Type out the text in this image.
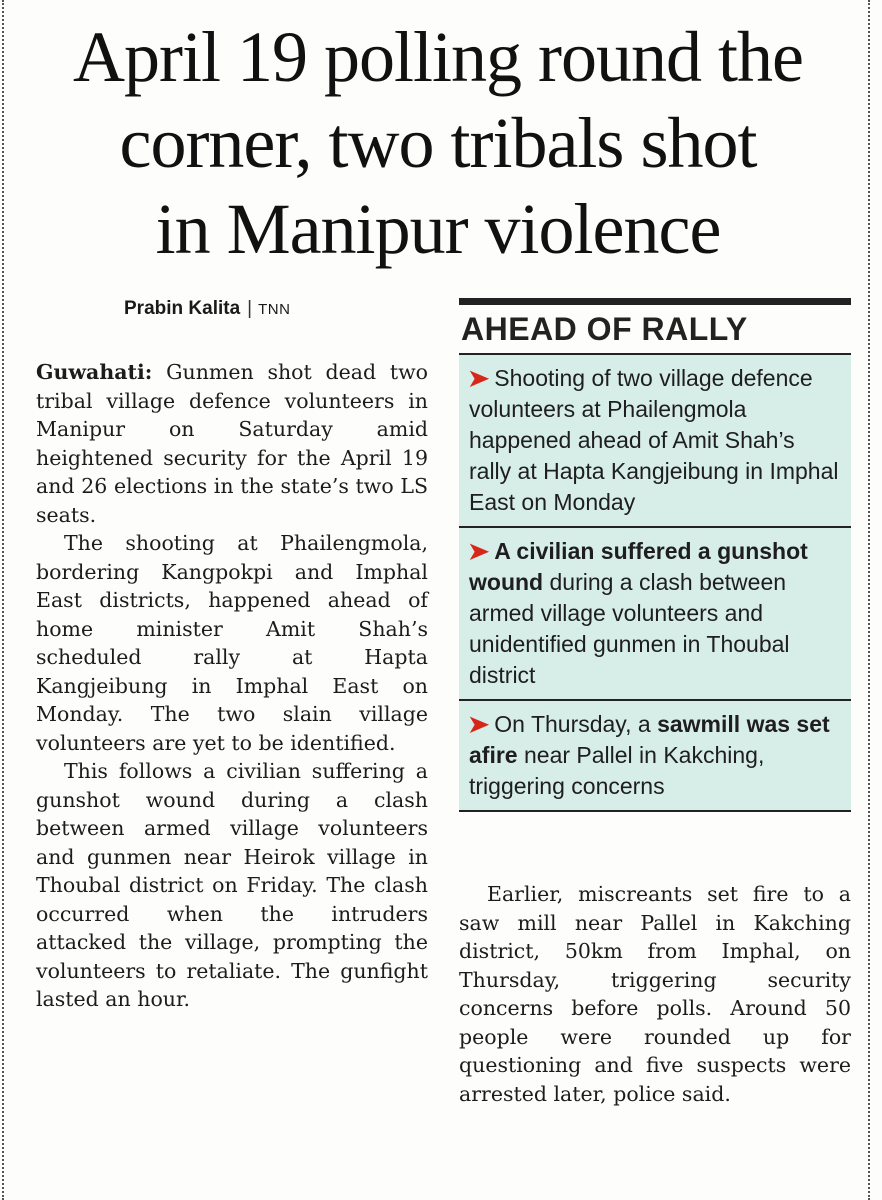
April 19 polling round the
corner, two tribals shot
in Manipur violence
Prabin Kalita | TNN

Guwahati: Gunmen shot dead two tribal village defence volunteers in Manipur on Saturday amid heightened security for the April 19 and 26 elections in the state’s two LS seats.

The shooting at Phailengmola, bordering Kangpokpi and Imphal East districts, happened ahead of home minister Amit Shah’s scheduled rally at Hapta Kangjeibung in Imphal East on Monday. The two slain village volunteers are yet to be identified.

This follows a civilian suffering a gunshot wound during a clash between armed village volunteers and gunmen near Heirok village in Thoubal district on Friday. The clash occurred when the intruders attacked the village, prompting the volunteers to retaliate. The gunfight lasted an hour.

AHEAD OF RALLY
➤ Shooting of two village defence volunteers at Phailengmola happened ahead of Amit Shah’s rally at Hapta Kangjeibung in Imphal East on Monday
➤ A civilian suffered a gunshot wound during a clash between armed village volunteers and unidentified gunmen in Thoubal district
➤ On Thursday, a sawmill was set afire near Pallel in Kakching, triggering concerns

Earlier, miscreants set fire to a saw mill near Pallel in Kakching district, 50km from Imphal, on Thursday, triggering security concerns before polls. Around 50 people were rounded up for questioning and five suspects were arrested later, police said.
